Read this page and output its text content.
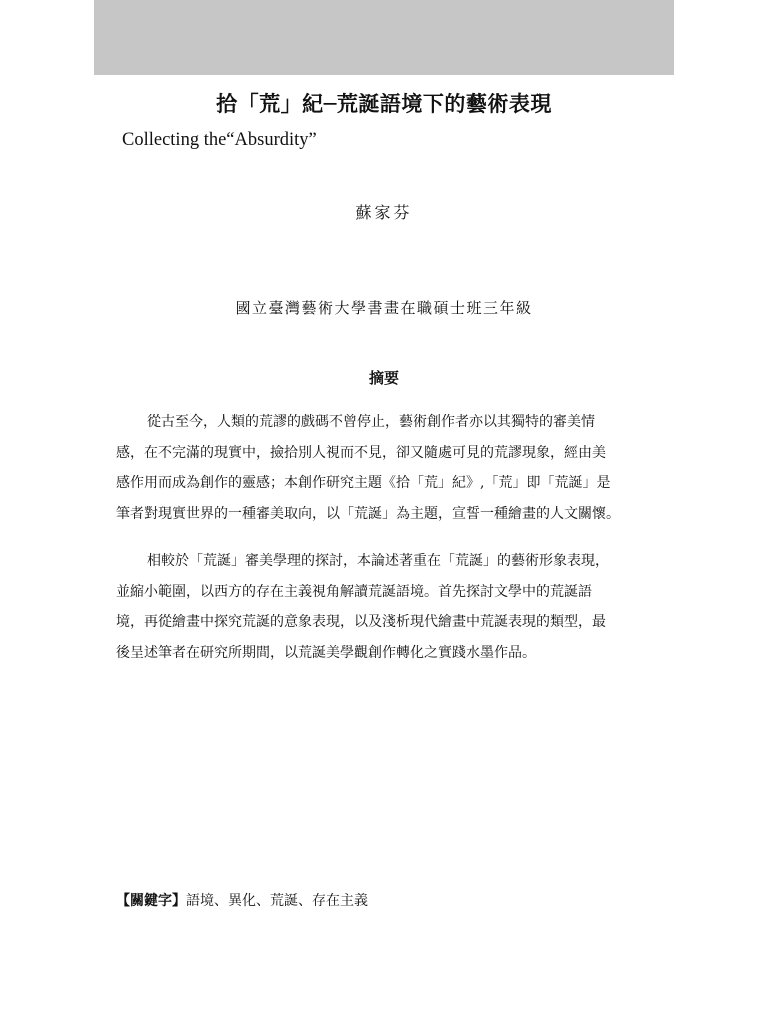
拾「荒」紀─荒誕語境下的藝術表現
Collecting the“Absurdity”
蘇家芬
國立臺灣藝術大學書畫在職碩士班三年級
摘要
從古至今，人類的荒謬的戲碼不曾停止，藝術創作者亦以其獨特的審美情
感，在不完滿的現實中，撿拾別人視而不見，卻又隨處可見的荒謬現象，經由美
感作用而成為創作的靈感；本創作研究主題《拾「荒」紀》,「荒」即「荒誕」是
筆者對現實世界的一種審美取向，以「荒誕」為主題，宣誓一種繪畫的人文關懷。
相較於「荒誕」審美學理的探討，本論述著重在「荒誕」的藝術形象表現，
並縮小範圍，以西方的存在主義視角解讀荒誕語境。首先探討文學中的荒誕語
境，再從繪畫中探究荒誕的意象表現，以及淺析現代繪畫中荒誕表現的類型，最
後呈述筆者在研究所期間，以荒誕美學觀創作轉化之實踐水墨作品。
【關鍵字】語境、異化、荒誕、存在主義
